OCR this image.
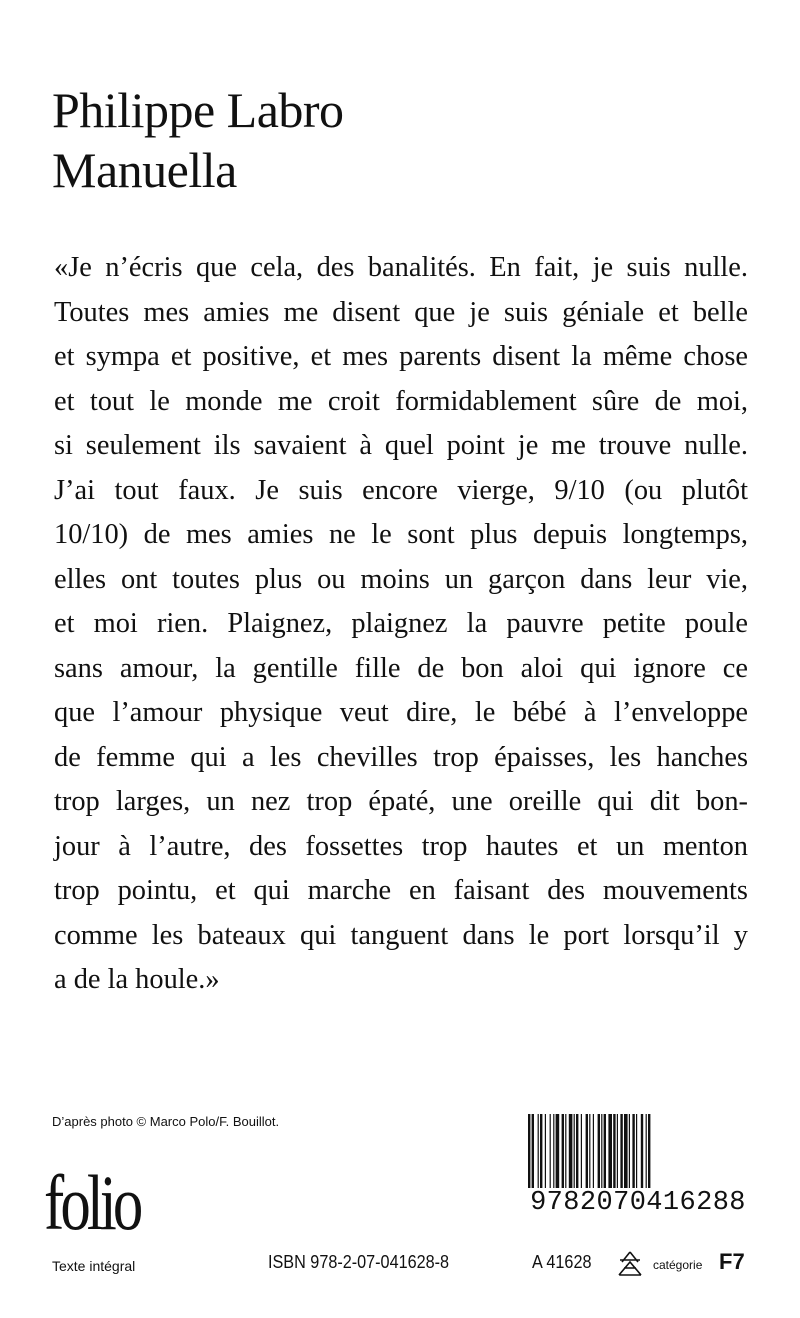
Philippe Labro
Manuella
«Je n’écris que cela, des banalités. En fait, je suis nulle.
Toutes mes amies me disent que je suis géniale et belle
et sympa et positive, et mes parents disent la même chose
et tout le monde me croit formidablement sûre de moi,
si seulement ils savaient à quel point je me trouve nulle.
J’ai tout faux. Je suis encore vierge, 9/10 (ou plutôt
10/10) de mes amies ne le sont plus depuis longtemps,
elles ont toutes plus ou moins un garçon dans leur vie,
et moi rien. Plaignez, plaignez la pauvre petite poule
sans amour, la gentille fille de bon aloi qui ignore ce
que l’amour physique veut dire, le bébé à l’enveloppe
de femme qui a les chevilles trop épaisses, les hanches
trop larges, un nez trop épaté, une oreille qui dit bon-
jour à l’autre, des fossettes trop hautes et un menton
trop pointu, et qui marche en faisant des mouvements
comme les bateaux qui tanguent dans le port lorsqu’il y
a de la houle.»
D’après photo © Marco Polo/F. Bouillot.
folio
Texte intégral	ISBN 978-2-07-041628-8	A 41628	catégorie F7
9782070416288
